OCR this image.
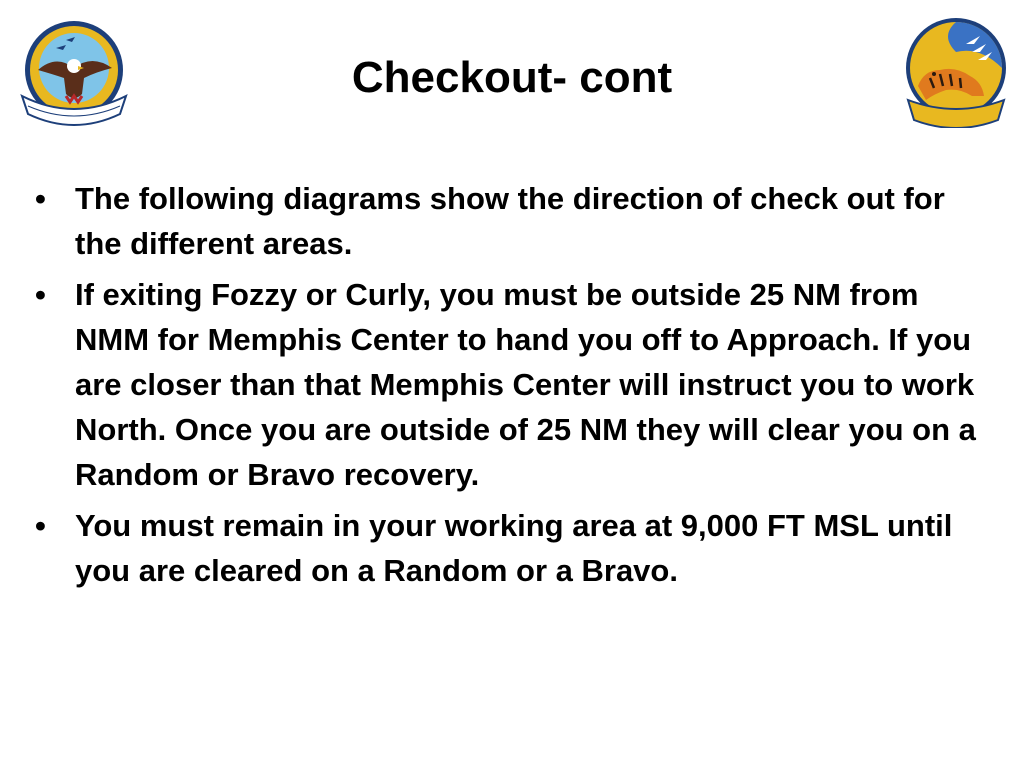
Checkout- cont
• The following diagrams show the direction of check out for the different areas.
• If exiting Fozzy or Curly, you must be outside 25 NM from NMM for Memphis Center to hand you off to Approach. If you are closer than that Memphis Center will instruct you to work North. Once you are outside of 25 NM they will clear you on a Random or Bravo recovery.
• You must remain in your working area at 9,000 FT MSL until you are cleared on a Random or a Bravo.
